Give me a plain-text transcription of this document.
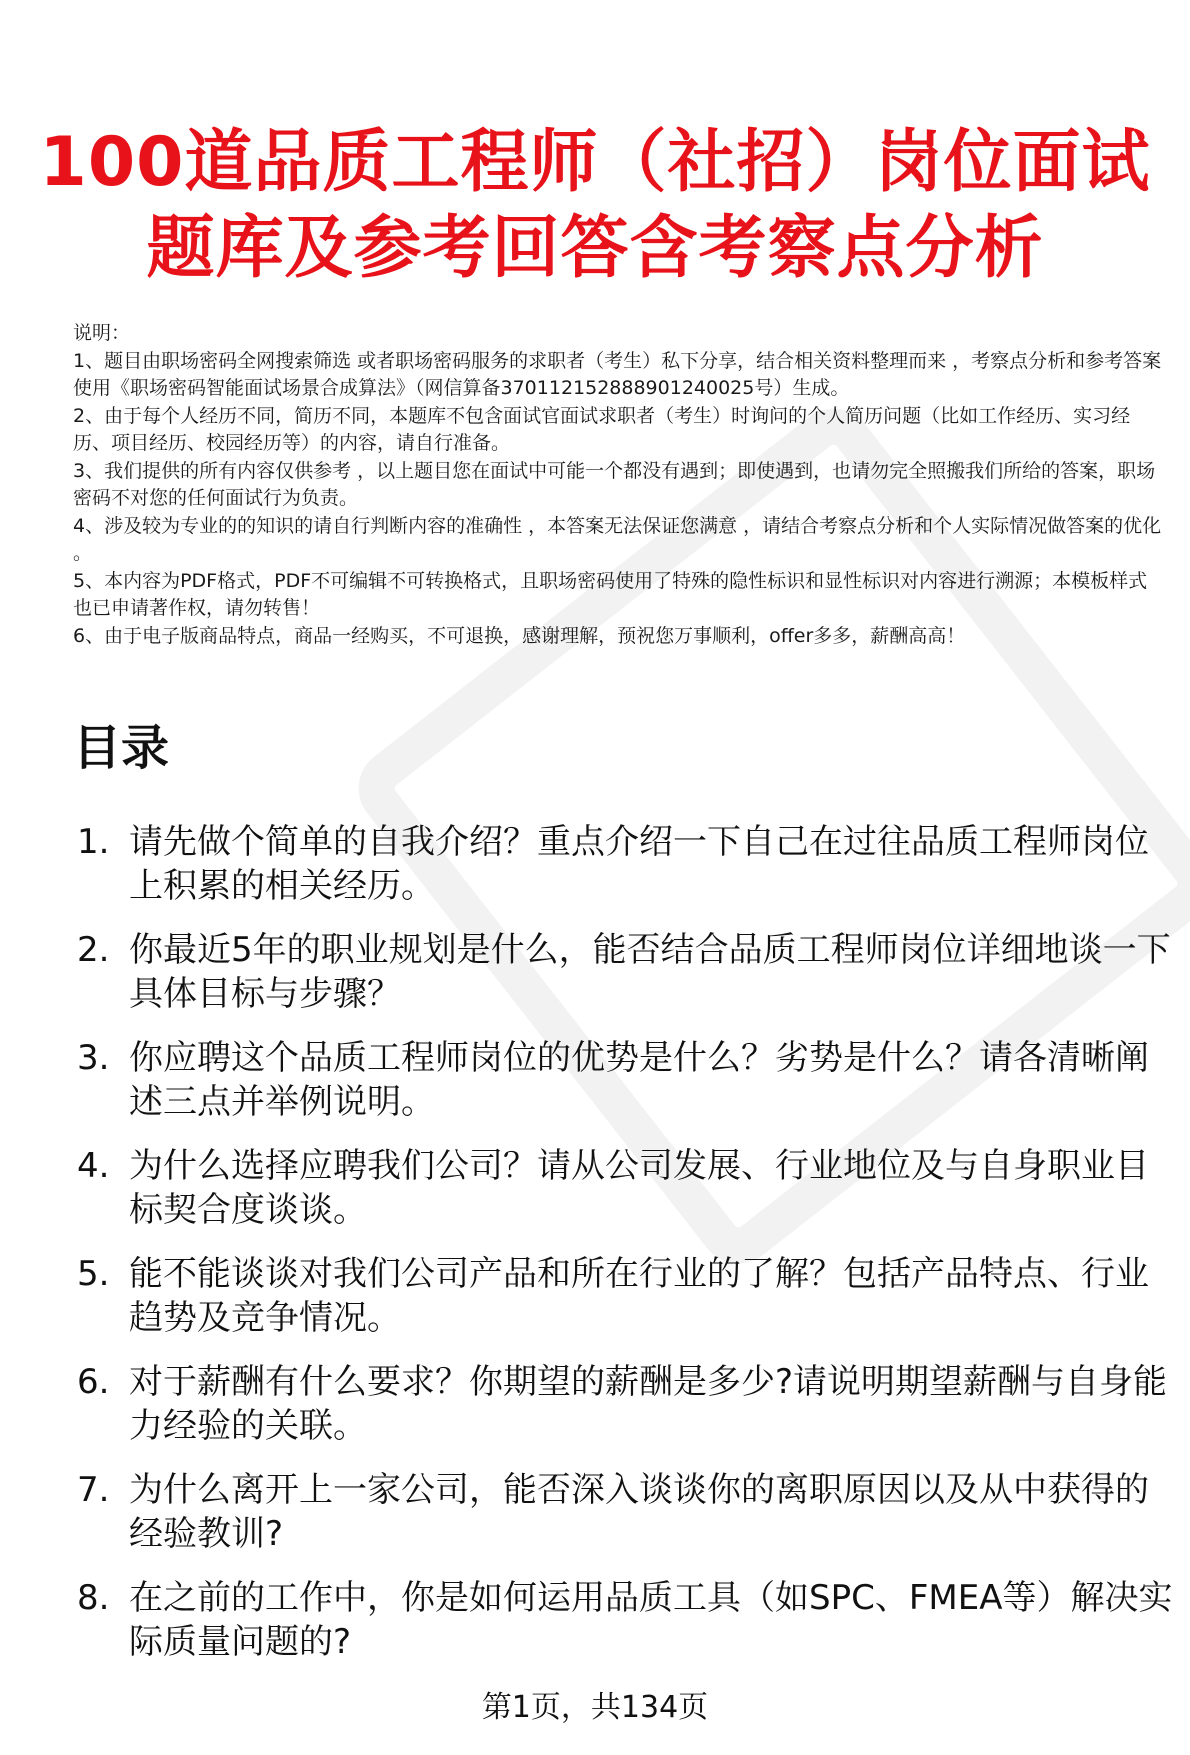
100道品质工程师（社招）岗位面试
题库及参考回答含考察点分析
说明：
1、题目由职场密码全网搜索筛选 或者职场密码服务的求职者（考生）私下分享，结合相关资料整理而来 ，考察点分析和参考答案使用《职场密码智能面试场景合成算法》（网信算备370112152888901240025号）生成。
2、由于每个人经历不同，简历不同，本题库不包含面试官面试求职者（考生）时询问的个人简历问题（比如工作经历、实习经历、项目经历、校园经历等）的内容，请自行准备。
3、我们提供的所有内容仅供参考 ，以上题目您在面试中可能一个都没有遇到；即使遇到，也请勿完全照搬我们所给的答案，职场密码不对您的任何面试行为负责。
4、涉及较为专业的的知识的请自行判断内容的准确性 ，本答案无法保证您满意 ，请结合考察点分析和个人实际情况做答案的优化 。
5、本内容为PDF格式，PDF不可编辑不可转换格式，且职场密码使用了特殊的隐性标识和显性标识对内容进行溯源；本模板样式也已申请著作权，请勿转售！
6、由于电子版商品特点，商品一经购买，不可退换，感谢理解，预祝您万事顺利，offer多多，薪酬高高！
目录
1. 请先做个简单的自我介绍？重点介绍一下自己在过往品质工程师岗位上积累的相关经历。
2. 你最近5年的职业规划是什么，能否结合品质工程师岗位详细地谈一下具体目标与步骤？
3. 你应聘这个品质工程师岗位的优势是什么？劣势是什么？请各清晰阐述三点并举例说明。
4. 为什么选择应聘我们公司？请从公司发展、行业地位及与自身职业目标契合度谈谈。
5. 能不能谈谈对我们公司产品和所在行业的了解？包括产品特点、行业趋势及竞争情况。
6. 对于薪酬有什么要求？你期望的薪酬是多少?请说明期望薪酬与自身能力经验的关联。
7. 为什么离开上一家公司，能否深入谈谈你的离职原因以及从中获得的经验教训?
8. 在之前的工作中，你是如何运用品质工具（如SPC、FMEA等）解决实际质量问题的?
第1页，共134页
